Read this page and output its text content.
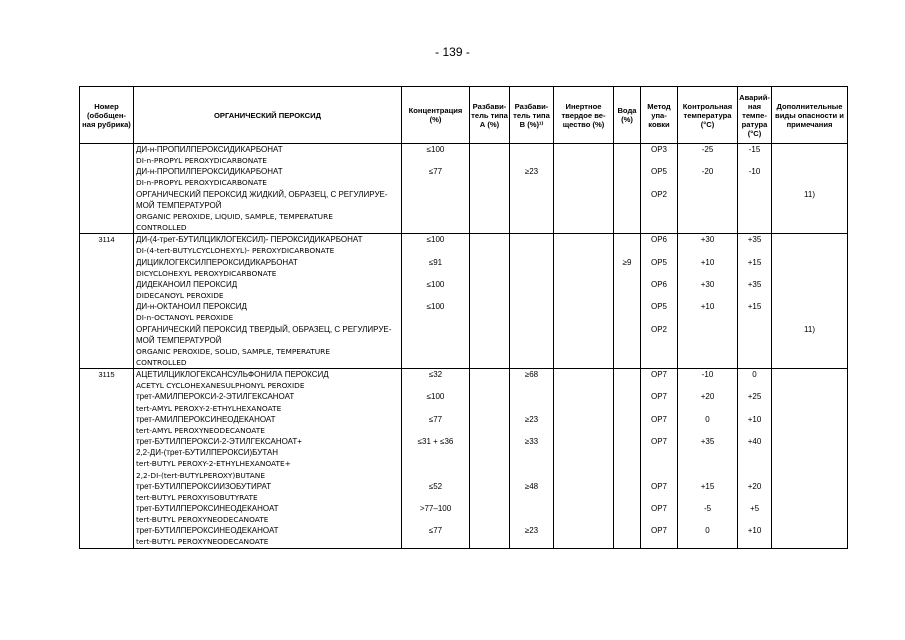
- 139 -
Номер (обобщен-ная рубрика)	ОРГАНИЧЕСКИЙ ПЕРОКСИД	Концентрация (%)	Разбави-тель типа А (%)	Разбави-тель типа В (%)¹⁾	Инертное твердое ве-щество (%)	Вода (%)	Метод упа-ковки	Контрольная температура (°С)	Аварий-ная темпе-ратура (°С)	Дополнительные виды опасности и примечания
	ДИ-н-ПРОПИЛПЕРОКСИДИКАРБОНАТ	≤100					OP3	-25	-15	
	DI-n-PROPYL PEROXYDICARBONATE									
	ДИ-н-ПРОПИЛПЕРОКСИДИКАРБОНАТ	≤77		≥23			OP5	-20	-10	
	DI-n-PROPYL PEROXYDICARBONATE									
	ОРГАНИЧЕСКИЙ ПЕРОКСИД ЖИДКИЙ, ОБРАЗЕЦ, С РЕГУЛИРУЕ-						OP2			11)
	МОЙ ТЕМПЕРАТУРОЙ									
	ORGANIC PEROXIDE, LIQUID, SAMPLE, TEMPERATURE									
	CONTROLLED									
3114	ДИ-(4-трет-БУТИЛЦИКЛОГЕКСИЛ)- ПЕРОКСИДИКАРБОНАТ	≤100					OP6	+30	+35	
	DI-(4-tert-BUTYLCYCLOHEXYL)- PEROXYDICARBONATE									
	ДИЦИКЛОГЕКСИЛПЕРОКСИДИКАРБОНАТ	≤91				≥9	OP5	+10	+15	
	DICYCLOHEXYL PEROXYDICARBONATE									
	ДИДЕКАНОИЛ ПЕРОКСИД	≤100					OP6	+30	+35	
	DIDECANOYL PEROXIDE									
	ДИ-н-ОКТАНОИЛ ПЕРОКСИД	≤100					OP5	+10	+15	
	DI-n-OCTANOYL PEROXIDE									
	ОРГАНИЧЕСКИЙ ПЕРОКСИД ТВЕРДЫЙ, ОБРАЗЕЦ, С РЕГУЛИРУЕ-						OP2			11)
	МОЙ ТЕМПЕРАТУРОЙ									
	ORGANIC PEROXIDE, SOLID, SAMPLE, TEMPERATURE									
	CONTROLLED									
3115	АЦЕТИЛЦИКЛОГЕКСАНСУЛЬФОНИЛА ПЕРОКСИД	≤32		≥68			OP7	-10	0	
	ACETYL CYCLOHEXANESULPHONYL PEROXIDE									
	трет-АМИЛПЕРОКСИ-2-ЭТИЛГЕКСАНОАТ	≤100					OP7	+20	+25	
	tert-AMYL PEROXY-2-ETHYLHEXANOATE									
	трет-АМИЛПЕРОКСИНЕОДЕКАНОАТ	≤77		≥23			OP7	0	+10	
	tert-AMYL PEROXYNEODECANOATE									
	трет-БУТИЛПЕРОКСИ-2-ЭТИЛГЕКСАНОАТ+	≤31 + ≤36		≥33			OP7	+35	+40	
	2,2-ДИ-(трет-БУТИЛПЕРОКСИ)БУТАН									
	tert-BUTYL PEROXY-2-ETHYLHEXANOATE+									
	2,2-DI-(tert-BUTYLPEROXY)BUTANE									
	трет-БУТИЛПЕРОКСИИЗОБУТИРАТ	≤52		≥48			OP7	+15	+20	
	tert-BUTYL PEROXYISOBUTYRATE									
	трет-БУТИЛПЕРОКСИНЕОДЕКАНОАТ	>77–100					OP7	-5	+5	
	tert-BUTYL PEROXYNEODECANOATE									
	трет-БУТИЛПЕРОКСИНЕОДЕКАНОАТ	≤77		≥23			OP7	0	+10	
	tert-BUTYL PEROXYNEODECANOATE									
